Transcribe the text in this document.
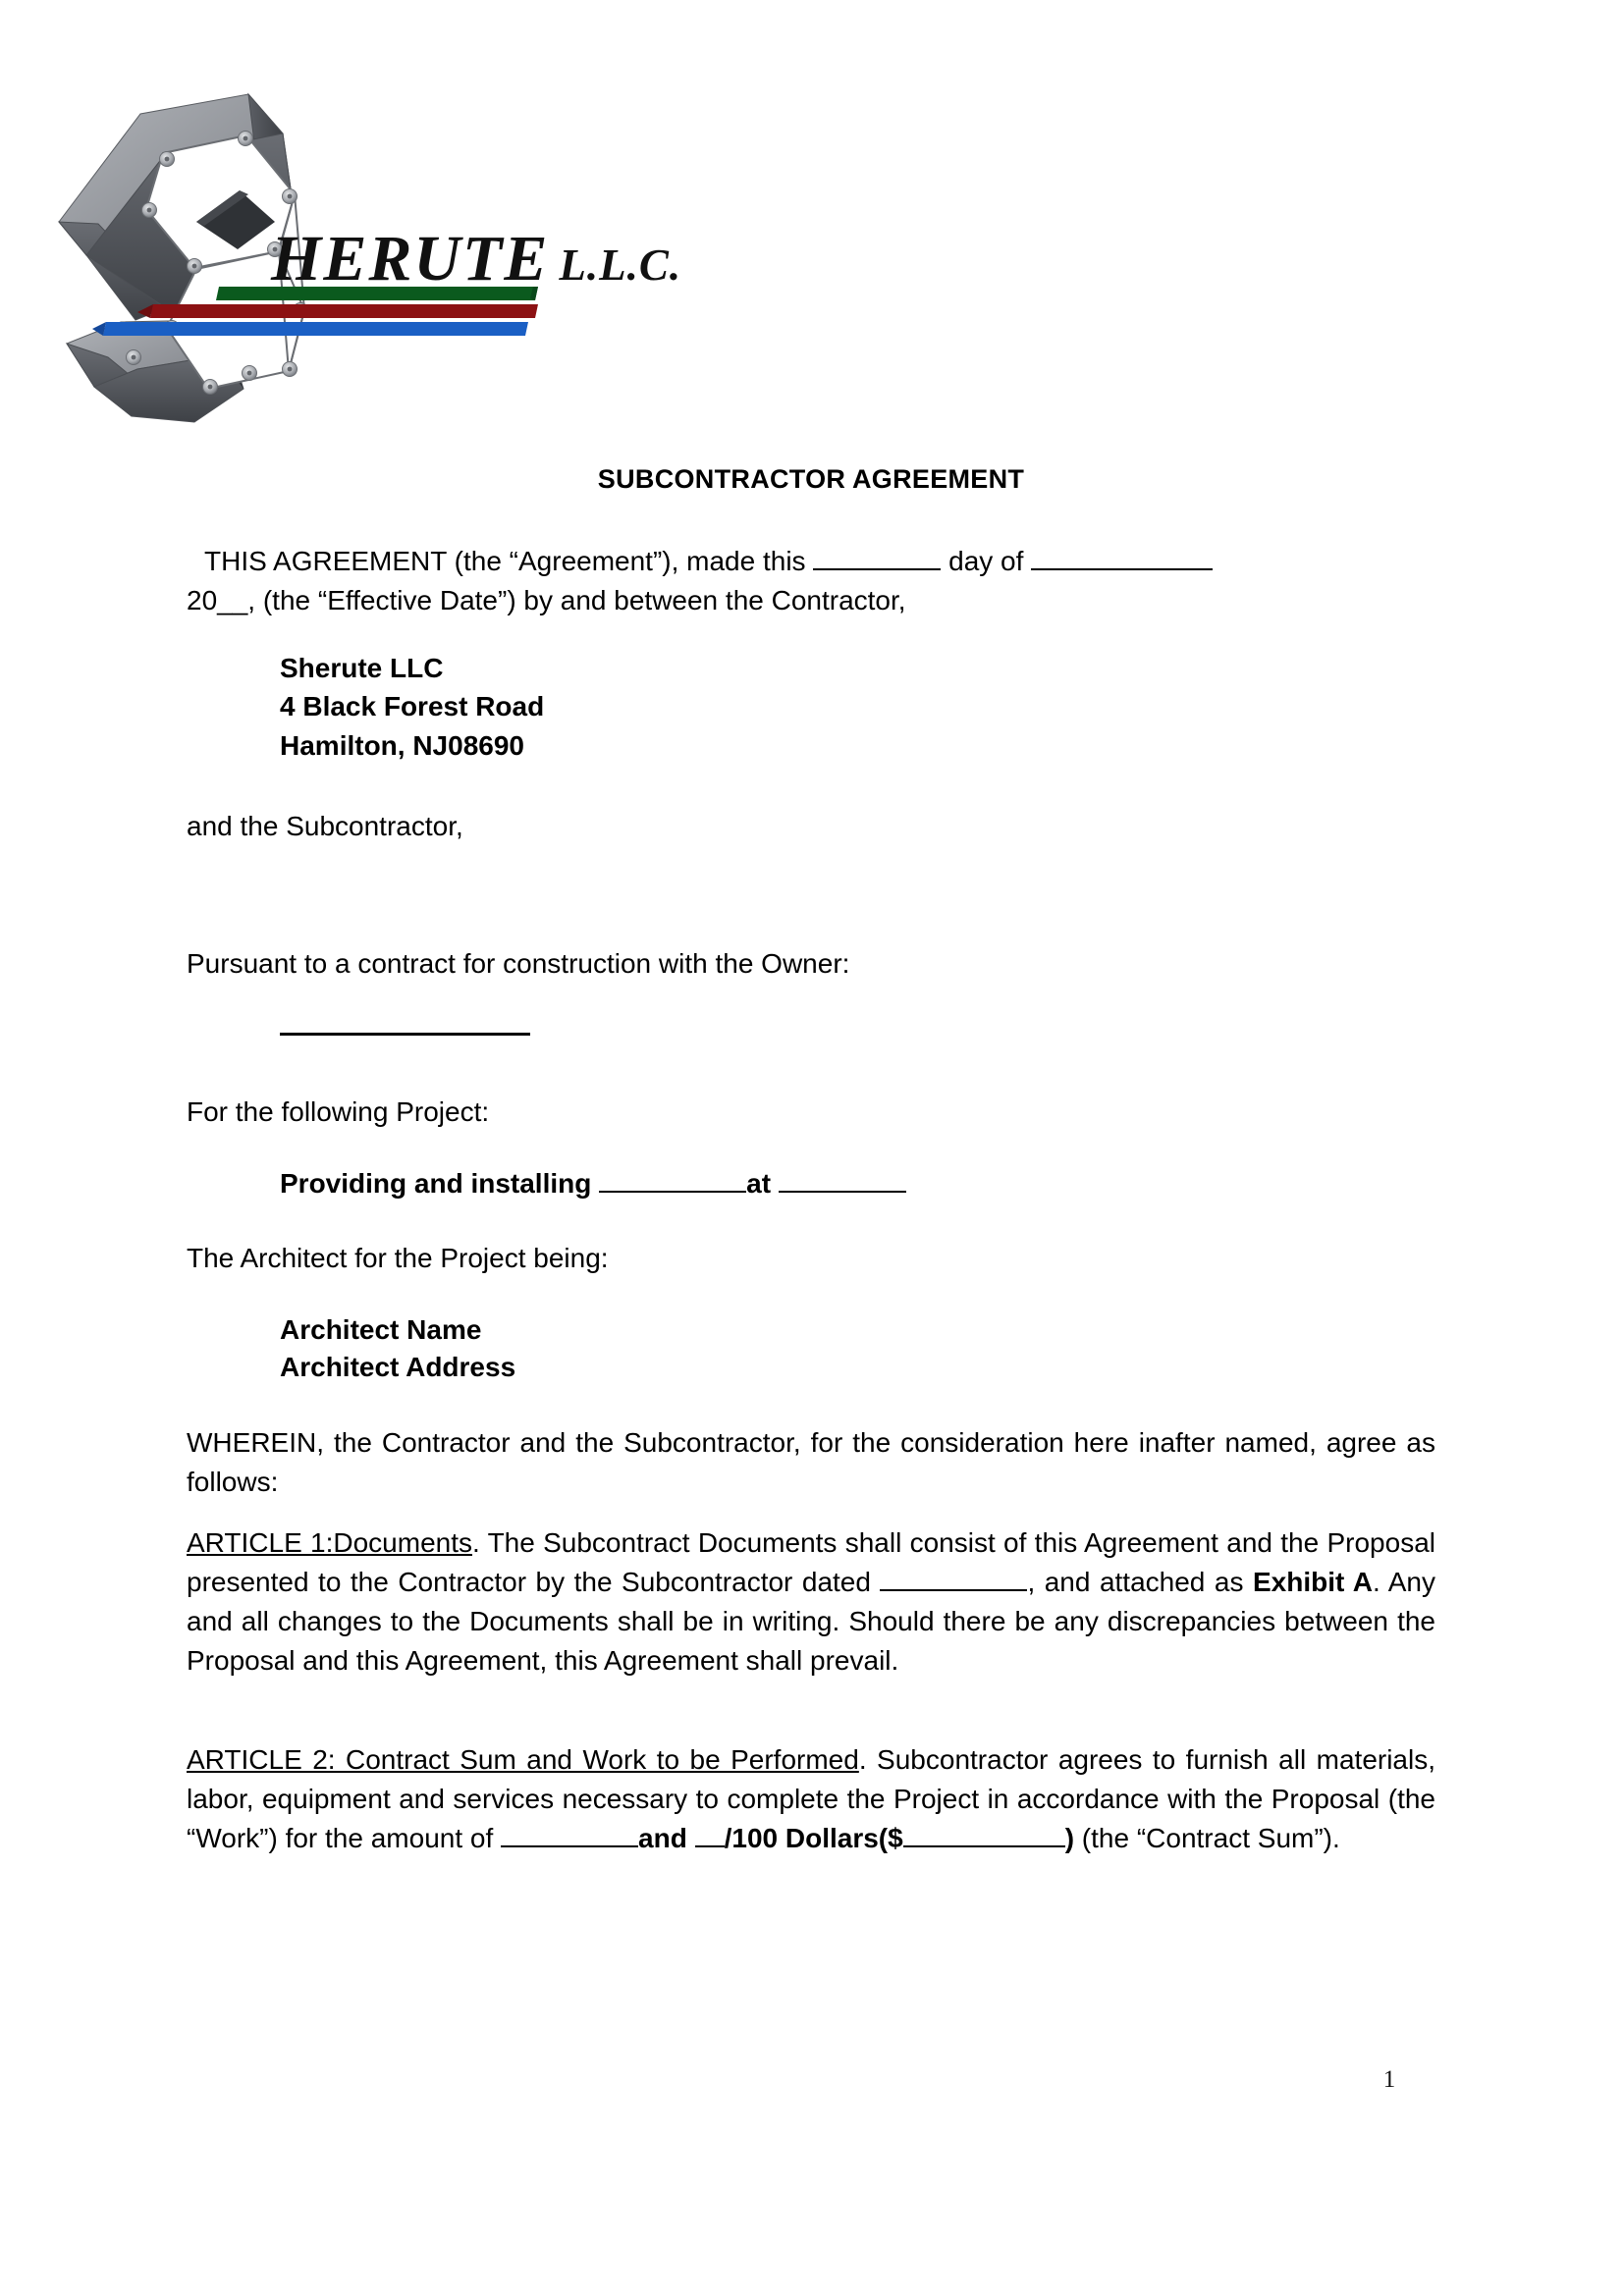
HERUTE L.L.C.
SUBCONTRACTOR AGREEMENT
THIS AGREEMENT (the “Agreement”), made this	day of
20__, (the “Effective Date”) by and between the Contractor,
Sherute LLC
4 Black Forest Road
Hamilton, NJ08690
and the Subcontractor,
Pursuant to a contract for construction with the Owner:
For the following Project:
Providing and installing	at
The Architect for the Project being:
Architect Name
Architect Address
WHEREIN, the Contractor and the Subcontractor, for the consideration here inafter named, agree as follows:
ARTICLE 1:Documents. The Subcontract Documents shall consist of this Agreement and the Proposal presented to the Contractor by the Subcontractor dated	, and attached as Exhibit A. Any and all changes to the Documents shall be in writing. Should there be any discrepancies between the Proposal and this Agreement, this Agreement shall prevail.
ARTICLE 2: Contract Sum and Work to be Performed. Subcontractor agrees to furnish all materials, labor, equipment and services necessary to complete the Project in accordance with the Proposal (the “Work”) for the amount of	and /100 Dollars($	) (the “Contract Sum”).
1
